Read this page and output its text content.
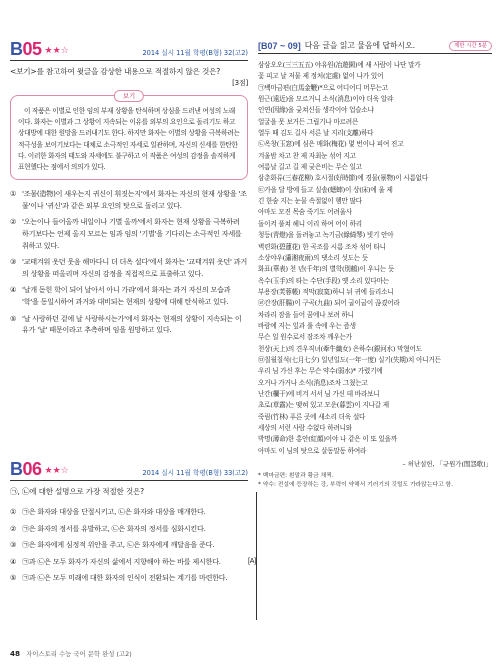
B05 ★★☆	2014 실시 11월 학평(B형) 32(고2)
<보기>를 참고하여 윗글을 감상한 내용으로 적절하지 않은 것은?
[3점]
보기

이 작품은 이별로 인한 임의 부재 상황을 탄식하며 상심을 드러낸 여성의 노래이다. 화자는 이별과 그 상황이 지속되는 이유를 외부의 요인으로 돌리기도 하고 상대방에 대한 원망을 드러내기도 한다. 하지만 화자는 이별의 상황을 극복하려는 적극성을 보이기보다는 대체로 소극적인 자세로 일관하며, 자신의 신세를 한탄한다. 이러한 화자의 태도와 자세에도 불구하고 이 작품은 여성의 감정을 솔직하게 표현했다는 점에서 의의가 있다.

① '조물(造物)이 새우는지 귀신이 휘짓는지'에서 화자는 자신의 현재 상황을 '조물'이나 '귀신'과 같은 외부 요인의 탓으로 돌리고 있다.
② '오는이나 들어올까 내일이나 기별 올까'에서 화자는 현재 상황을 극복하려 하기보다는 언제 올지 모르는 임과 임의 '기별'을 기다리는 소극적인 자세를 취하고 있다.
③ '교태겨워 옷던 웃음 해마다니 더 더옥 설다'에서 화자는 '교태겨워 옷던' 과거의 상황을 떠올리며 자신의 감정을 직접적으로 표출하고 있다.
④ '날개 돋힌 학이 되어 날아서 아니 가랴'에서 화자는 과거 자신의 모습과 '학'을 동일시하여 과거와 대비되는 현재의 상황에 대해 탄식하고 있다.
⑤ '날 사랑하던 겉에 날 사랑하시는가'에서 화자는 현재의 상황이 지속되는 이유가 '날' 때문이라고 추측하며 임을 원망하고 있다.
B06 ★★☆	2014 실시 11월 학평(B형) 33(고2)
㉠, ㉡에 대한 설명으로 가장 적절한 것은?
① ㉠은 화자와 대상을 단절시키고, ㉡은 화자와 대상을 매개한다.
② ㉠은 화자의 정서를 유발하고, ㉡은 화자의 정서를 심화시킨다.
③ ㉠은 화자에게 심정적 위안을 주고, ㉡은 화자에게 깨달음을 준다.
④ ㉠과 ㉡은 모두 화자가 자신의 삶에서 지향해야 하는 바를 제시한다.
⑤ ㉠과 ㉡은 모두 미래에 대한 화자의 인식이 전환되는 계기를 마련한다.
[B07 ~ 09] 다음 글을 읽고 물음에 답하시오.	제한 시간 5분
[A]
삼삼오오(三三五五) 야유원(冶遊園)에 새 사람이 나단 말가
꽃 피고 날 저물 제 정처(定處) 없이 나가 있어
㉠백마금편(白馬金鞭)*으로 어디어디 머무는고
원근(遠近)을 모르거니 소식(消息)이야 더욱 알랴
인연(因緣)을 긏쳐신들 생각이야 업슬소냐
얼굴을 못 보거든 그립기나 마르려믄
열두 때 김도 길사 서른 날 지리(支離)하다
㉡옥창(玉窓)에 심은 매화(梅花) 몇 번이나 피여 진고
겨울밤 차고 찬 제 자최눈 섞어 지고
여름날 길고 길 제 궂은비는 무슨 일고
삼춘화류(三春花柳) 호시절(好時節)에 경물(景物)이 시름없다
㉢가을 달 방에 들고 실솔(蟋蟀)이 상(床)에 울 제
긴 한숨 지는 눈물 속절없이 햄만 많다
아마도 모진 목숨 죽기도 어려울사
돌이켜 풀쳐 헤니 이리 하여 어이 하리
청등(靑燈)을 돌려놓고 녹기금(綠綺琴) 빗기 안아
벽련화(碧蓮花) 한 곡조를 시름 조차 섞어 타니
소상야우(瀟湘夜雨)의 댓소리 섯도는 듯
화표(華表) 천 년(千年)의 별학(別鶴)이 우니는 듯
옥수(玉手)의 타는 수단(手段) 옛 소리 있다마는
부용장(芙蓉帳) 적막(寂寞)하니 뉘 귀에 들리소니
㉣간장(肝腸)이 구곡(九曲) 되어 굽이굽이 끊겼어라
차라리 잠을 들어 꿈에나 보려 하니
바람에 지는 잎과 풀 속에 우는 즘생
무슨 일 원수로서 잠조차 깨우는가
천상(天上)의 견우직녀(牽牛織女) 은하수(銀河水) 막혔어도
㉤칠월칠석(七月七夕) 일년일도(一年一度) 실기(失期)치 아니거든
우리 님 가신 후는 무슨 약수(弱水)* 가렸기에
오거나 가거나 소식(消息)조차 그쳤는고
난간(欄干)에 비겨 서서 님 가신 데 바라보니
초로(草露)는 맺혀 있고 모운(暮雲)이 지나갈 제
죽림(竹林) 푸른 곳에 새소리 더욱 설다
세상의 서런 사람 수없다 하려니와
박명(薄命)한 홍안(紅顔)이야 나 같은 이 또 있을까
아마도 이 님의 탓으로 살동말동 하여라
– 허난설헌, 「규원가(閨怨歌)」
* 백마금편: 흰말과 황금 채찍.
* 약수: 전설에 등장하는 강, 부력이 약해서 기러기의 깃털도 가라앉는다고 함.
48 자이스토리 수능 국어 문학 완성 (고2)
